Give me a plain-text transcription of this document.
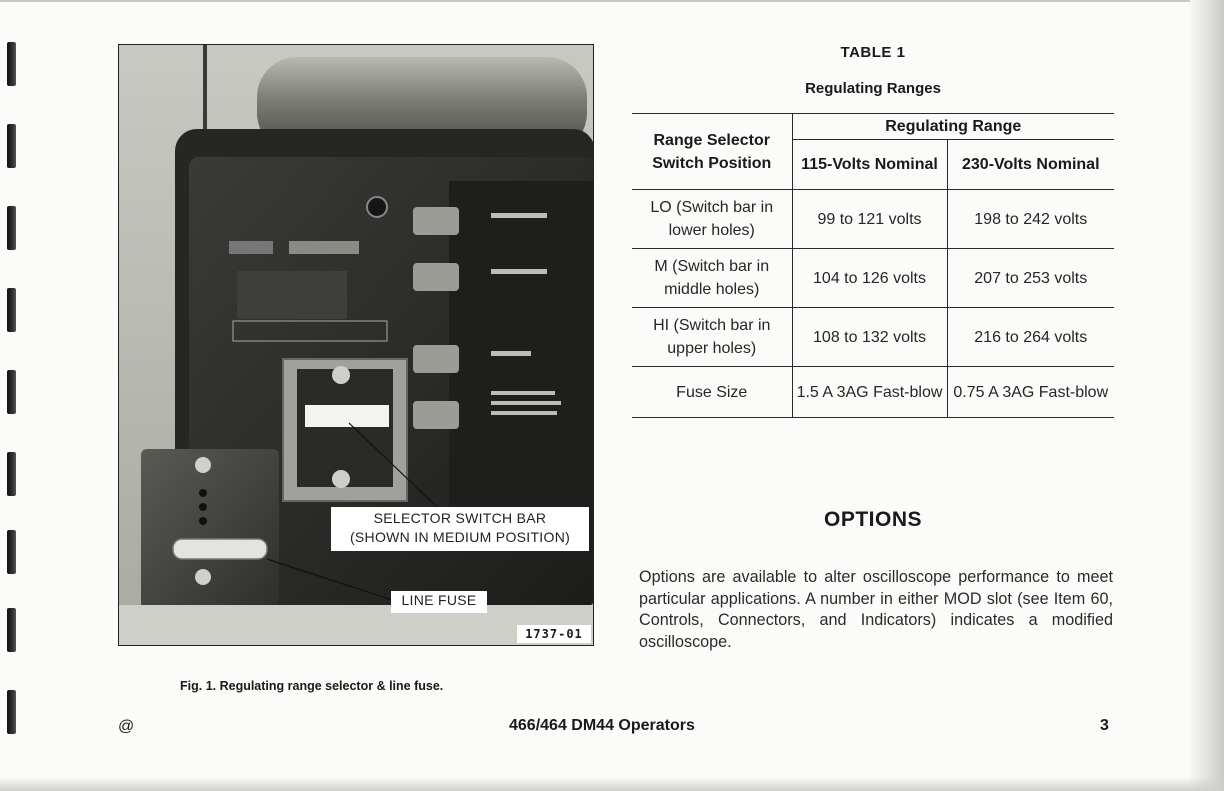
SELECTOR SWITCH BAR
(SHOWN IN MEDIUM POSITION)
LINE FUSE
1737-01
Fig. 1. Regulating range selector & line fuse.
TABLE 1
Regulating Ranges
Range Selector Switch Position	Regulating Range	
	115-Volts Nominal	230-Volts Nominal
LO (Switch bar in lower holes)	99 to 121 volts	198 to 242 volts
M (Switch bar in middle holes)	104 to 126 volts	207 to 253 volts
HI (Switch bar in upper holes)	108 to 132 volts	216 to 264 volts
Fuse Size	1.5 A 3AG Fast-blow	0.75 A 3AG Fast-blow
OPTIONS
Options are available to alter oscilloscope performance to meet particular applications. A number in either MOD slot (see Item 60, Controls, Connectors, and Indicators) indicates a modified oscilloscope.
@	466/464 DM44 Operators	3
